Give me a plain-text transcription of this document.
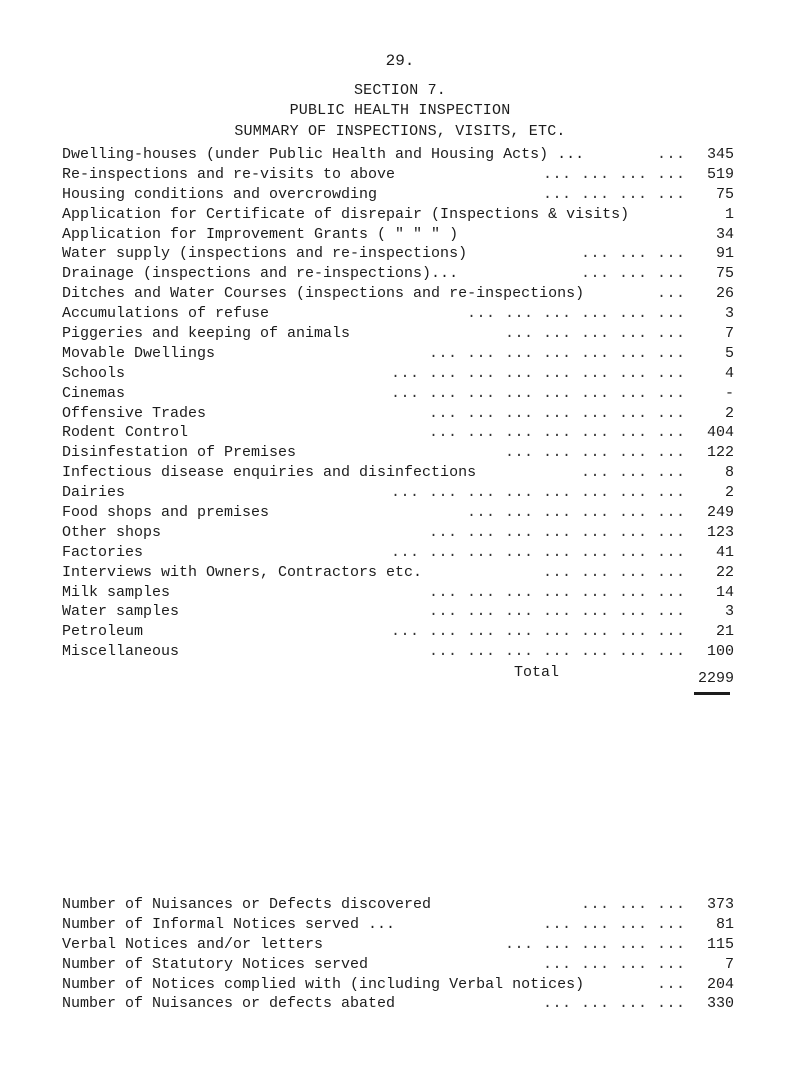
29.
SECTION 7.
PUBLIC HEALTH INSPECTION
SUMMARY OF INSPECTIONS, VISITS, ETC.
Dwelling-houses (under Public Health and Housing Acts) ...	...	345
Re-inspections and re-visits to above	... ... ... ...	519
Housing conditions and overcrowding	... ... ... ...	75
Application for Certificate of disrepair (Inspections & visits)	1
Application for Improvement Grants ( " " " )	34
Water supply (inspections and re-inspections)	... ... ...	91
Drainage (inspections and re-inspections)...	... ... ...	75
Ditches and Water Courses (inspections and re-inspections)	...	26
Accumulations of refuse	... ... ... ... ... ...	3
Piggeries and keeping of animals	... ... ... ... ...	7
Movable Dwellings	... ... ... ... ... ... ...	5
Schools	... ... ... ... ... ... ... ...	4
Cinemas	... ... ... ... ... ... ... ...	-
Offensive Trades	... ... ... ... ... ... ...	2
Rodent Control	... ... ... ... ... ... ...	404
Disinfestation of Premises	... ... ... ... ...	122
Infectious disease enquiries and disinfections	... ... ...	8
Dairies	... ... ... ... ... ... ... ...	2
Food shops and premises	... ... ... ... ... ...	249
Other shops	... ... ... ... ... ... ...	123
Factories	... ... ... ... ... ... ... ...	41
Interviews with Owners, Contractors etc.	... ... ... ...	22
Milk samples	... ... ... ... ... ... ...	14
Water samples	... ... ... ... ... ... ...	3
Petroleum	... ... ... ... ... ... ... ...	21
Miscellaneous	... ... ... ... ... ... ...	100
Total	2299
Number of Nuisances or Defects discovered	... ... ...	373
Number of Informal Notices served ...	... ... ... ...	81
Verbal Notices and/or letters	... ... ... ... ...	115
Number of Statutory Notices served	... ... ... ...	7
Number of Notices complied with (including Verbal notices)	...	204
Number of Nuisances or defects abated	... ... ... ...	330
